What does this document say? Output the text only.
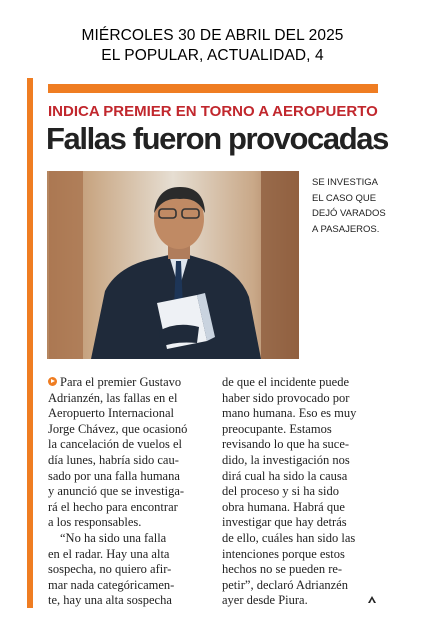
MIÉRCOLES 30 DE ABRIL DEL 2025
EL POPULAR, ACTUALIDAD, 4
INDICA PREMIER EN TORNO A AEROPUERTO
Fallas fueron provocadas
SE INVESTIGA
EL CASO QUE
DEJÓ VARADOS
A PASAJEROS.
Para el premier Gustavo
Adrianzén, las fallas en el
Aeropuerto Internacional
Jorge Chávez, que ocasionó
la cancelación de vuelos el
día lunes, habría sido cau-
sado por una falla humana
y anunció que se investiga-
rá el hecho para encontrar
a los responsables.
“No ha sido una falla
en el radar. Hay una alta
sospecha, no quiero afir-
mar nada categóricamen-
te, hay una alta sospecha
de que el incidente puede
haber sido provocado por
mano humana. Eso es muy
preocupante. Estamos
revisando lo que ha suce-
dido, la investigación nos
dirá cual ha sido la causa
del proceso y si ha sido
obra humana. Habrá que
investigar que hay detrás
de ello, cuáles han sido las
intenciones porque estos
hechos no se pueden re-
petir”, declaró Adrianzén
ayer desde Piura.
